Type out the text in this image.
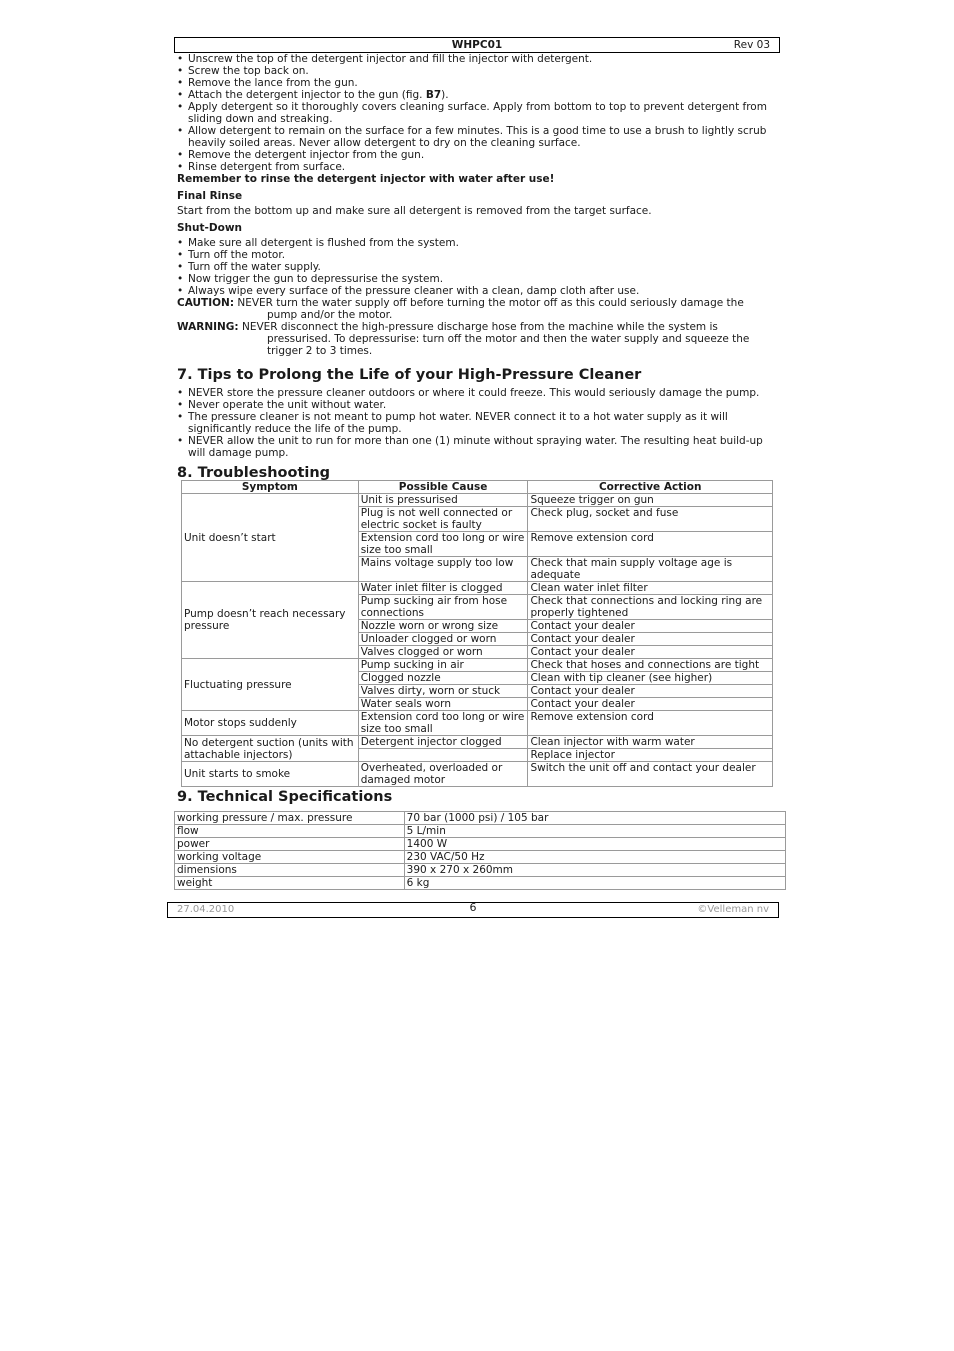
WHPC01	Rev 03
• Unscrew the top of the detergent injector and fill the injector with detergent.
• Screw the top back on.
• Remove the lance from the gun.
• Attach the detergent injector to the gun (fig. B7).
• Apply detergent so it thoroughly covers cleaning surface. Apply from bottom to top to prevent detergent from sliding down and streaking.
• Allow detergent to remain on the surface for a few minutes. This is a good time to use a brush to lightly scrub heavily soiled areas. Never allow detergent to dry on the cleaning surface.
• Remove the detergent injector from the gun.
• Rinse detergent from surface.
Remember to rinse the detergent injector with water after use!
Final Rinse
Start from the bottom up and make sure all detergent is removed from the target surface.
Shut-Down
• Make sure all detergent is flushed from the system.
• Turn off the motor.
• Turn off the water supply.
• Now trigger the gun to depressurise the system.
• Always wipe every surface of the pressure cleaner with a clean, damp cloth after use.
CAUTION: NEVER turn the water supply off before turning the motor off as this could seriously damage the
pump and/or the motor.
WARNING: NEVER disconnect the high-pressure discharge hose from the machine while the system is
pressurised. To depressurise: turn off the motor and then the water supply and squeeze the
trigger 2 to 3 times.
7. Tips to Prolong the Life of your High-Pressure Cleaner
• NEVER store the pressure cleaner outdoors or where it could freeze. This would seriously damage the pump.
• Never operate the unit without water.
• The pressure cleaner is not meant to pump hot water. NEVER connect it to a hot water supply as it will significantly reduce the life of the pump.
• NEVER allow the unit to run for more than one (1) minute without spraying water. The resulting heat build-up will damage pump.
8. Troubleshooting
Symptom	Possible Cause	Corrective Action
Unit doesn’t start	Unit is pressurised	Squeeze trigger on gun
	Plug is not well connected or electric socket is faulty	Check plug, socket and fuse
	Extension cord too long or wire size too small	Remove extension cord
	Mains voltage supply too low	Check that main supply voltage age is adequate
Pump doesn’t reach necessary pressure	Water inlet filter is clogged	Clean water inlet filter
	Pump sucking air from hose connections	Check that connections and locking ring are properly tightened
	Nozzle worn or wrong size	Contact your dealer
	Unloader clogged or worn	Contact your dealer
	Valves clogged or worn	Contact your dealer
Fluctuating pressure	Pump sucking in air	Check that hoses and connections are tight
	Clogged nozzle	Clean with tip cleaner (see higher)
	Valves dirty, worn or stuck	Contact your dealer
	Water seals worn	Contact your dealer
Motor stops suddenly	Extension cord too long or wire size too small	Remove extension cord
No detergent suction (units with attachable injectors)	Detergent injector clogged	Clean injector with warm water
		Replace injector
Unit starts to smoke	Overheated, overloaded or damaged motor	Switch the unit off and contact your dealer
9. Technical Specifications
working pressure / max. pressure	70 bar (1000 psi) / 105 bar
flow	5 L/min
power	1400 W
working voltage	230 VAC/50 Hz
dimensions	390 x 270 x 260mm
weight	6 kg
27.04.2010	6	©Velleman nv
